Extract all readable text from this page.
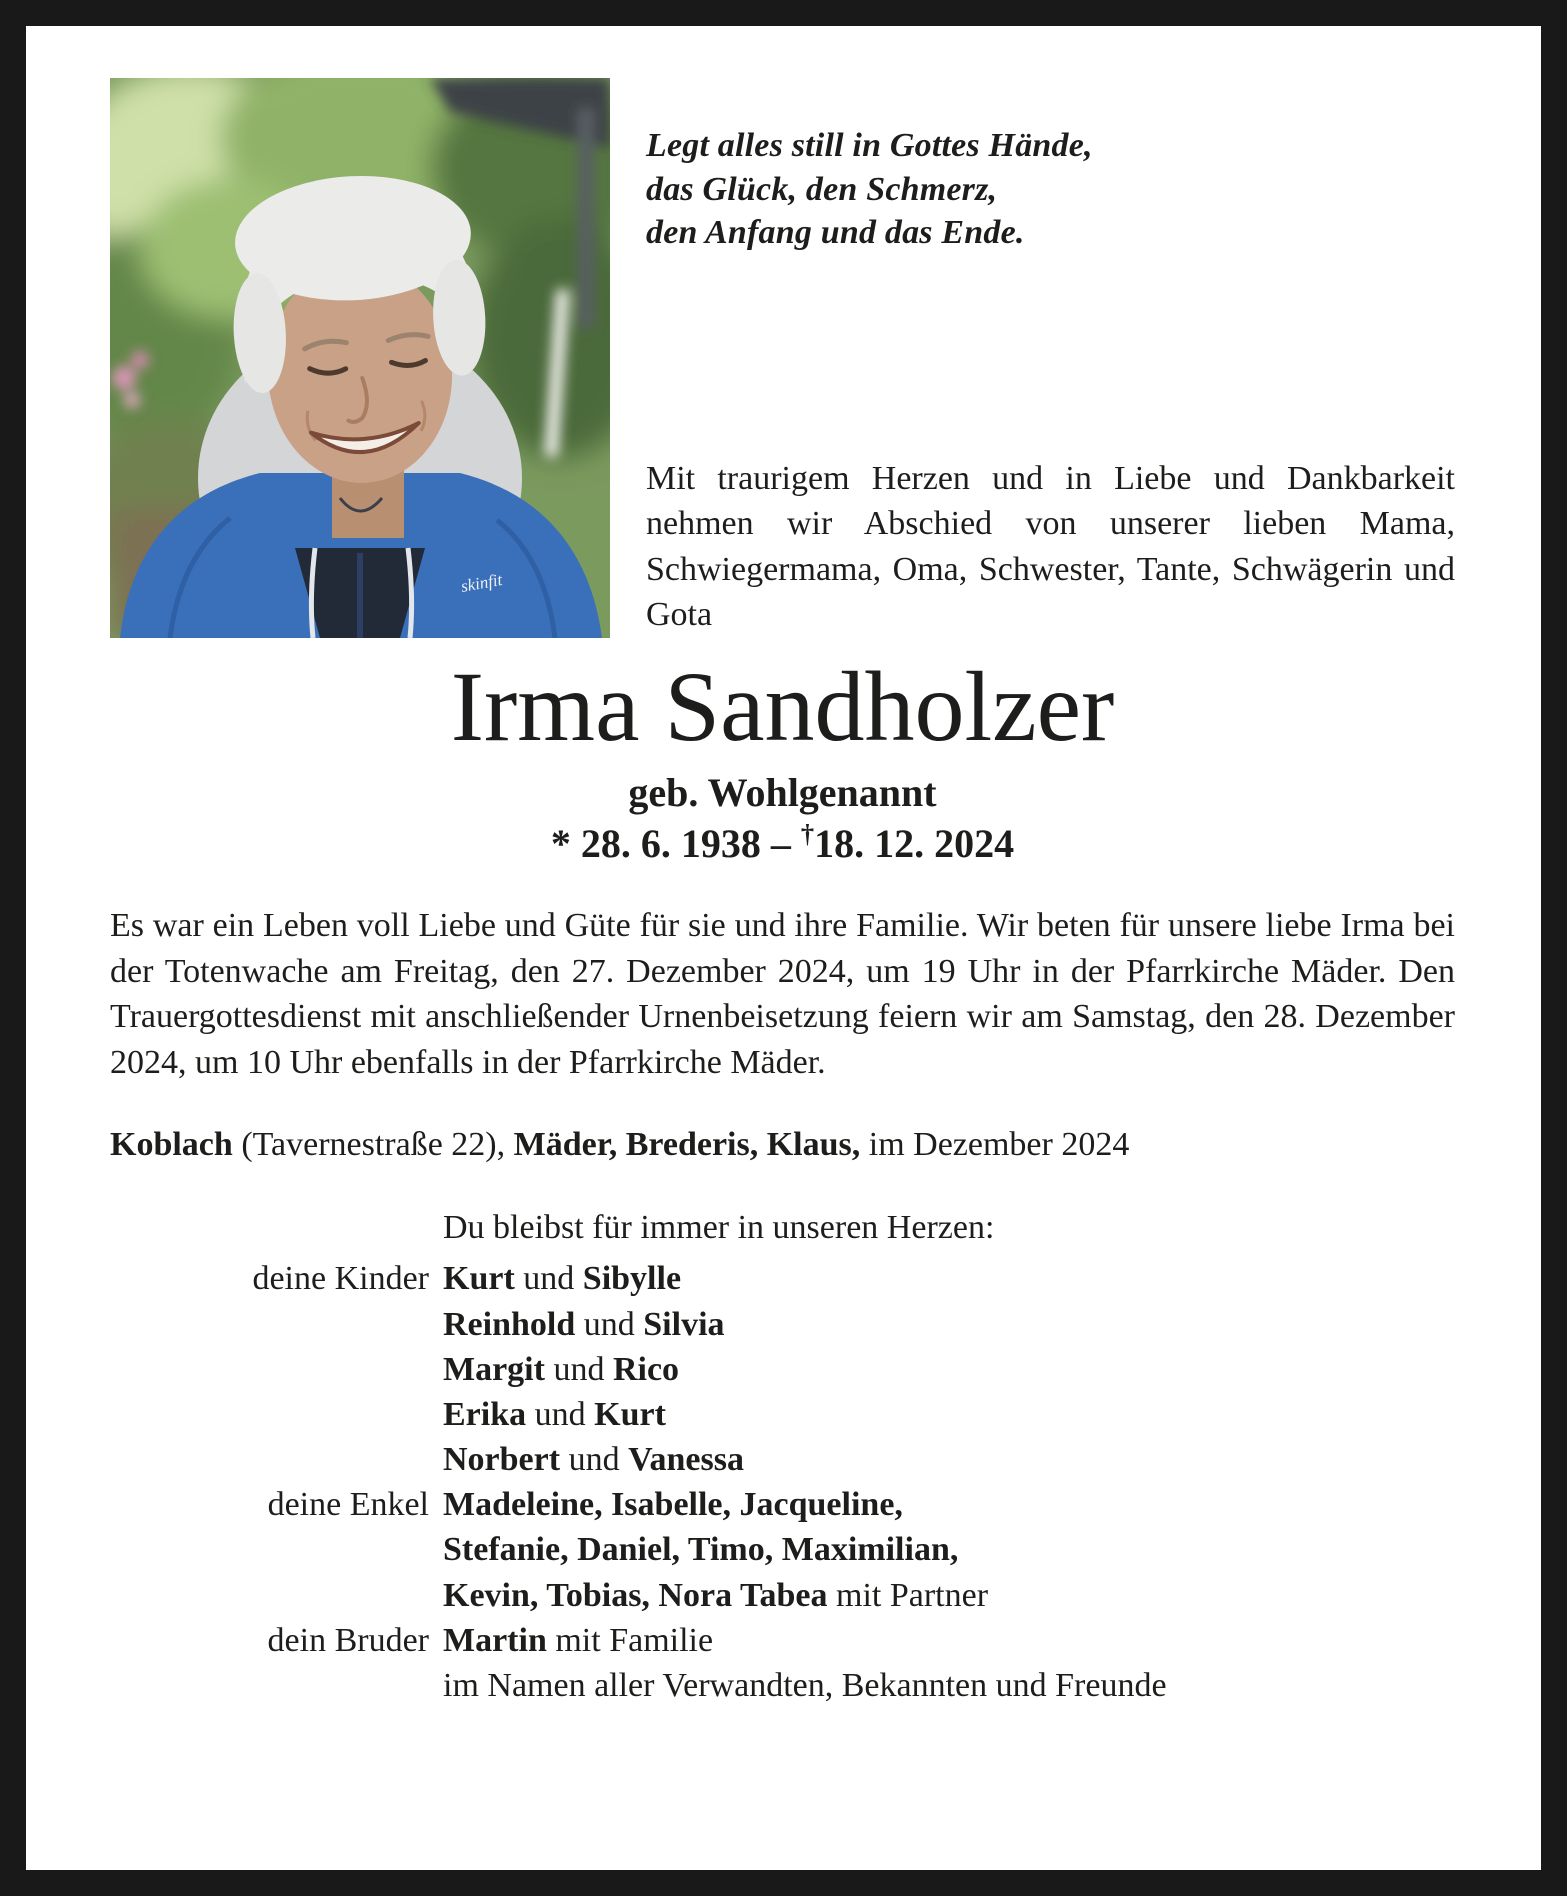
skinfit
Legt alles still in Gottes Hände,
das Glück, den Schmerz,
den Anfang und das Ende.
Mit traurigem Herzen und in Liebe und Dankbarkeit nehmen wir Abschied von unserer lieben Mama, Schwiegermama, Oma, Schwester, Tante, Schwägerin und Gota
Irma Sandholzer
geb. Wohlgenannt
* 28. 6. 1938 – †18. 12. 2024
Es war ein Leben voll Liebe und Güte für sie und ihre Familie. Wir beten für unsere liebe Irma bei der Totenwache am Freitag, den 27. Dezember 2024, um 19 Uhr in der Pfarrkirche Mäder. Den Trauergottesdienst mit anschließender Urnenbeisetzung feiern wir am Samstag, den 28. Dezember 2024, um 10 Uhr ebenfalls in der Pfarrkirche Mäder.
Koblach (Tavernestraße 22), Mäder, Brederis, Klaus, im Dezember 2024
Du bleibst für immer in unseren Herzen:
deine Kinder Kurt und Sibylle
Reinhold und Silvia
Margit und Rico
Erika und Kurt
Norbert und Vanessa
deine Enkel Madeleine, Isabelle, Jacqueline,
Stefanie, Daniel, Timo, Maximilian,
Kevin, Tobias, Nora Tabea mit Partner
dein Bruder Martin mit Familie
im Namen aller Verwandten, Bekannten und Freunde
